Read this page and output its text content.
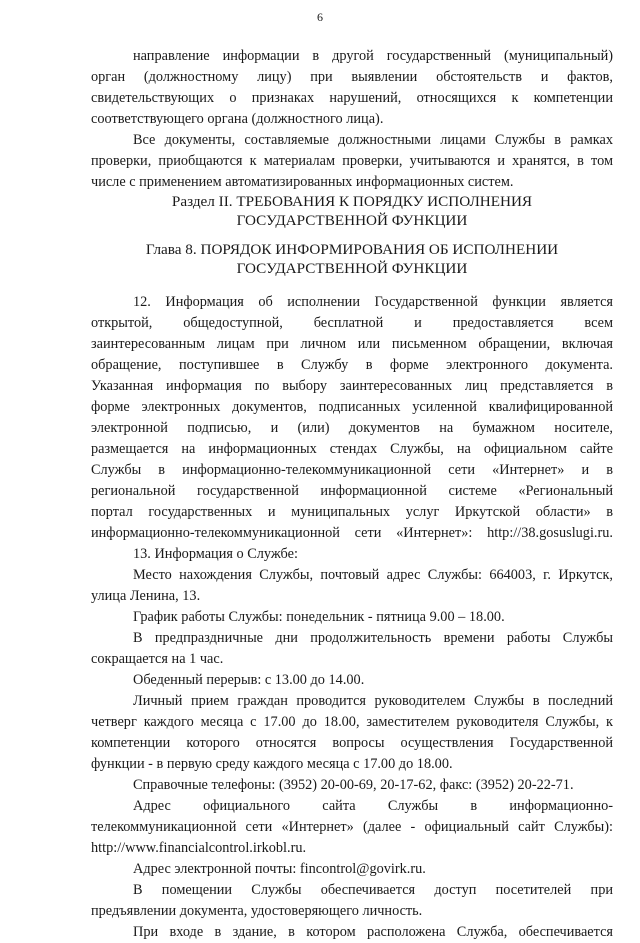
6

направление информации в другой государственный (муниципальный)

орган (должностному лицу) при выявлении обстоятельств и фактов,

свидетельствующих о признаках нарушений, относящихся к компетенции

соответствующего органа (должностного лица).

Все документы, составляемые должностными лицами Службы в рамках

проверки, приобщаются к материалам проверки, учитываются и хранятся, в том

числе с применением автоматизированных информационных систем.

Раздел II. ТРЕБОВАНИЯ К ПОРЯДКУ ИСПОЛНЕНИЯ
ГОСУДАРСТВЕННОЙ ФУНКЦИИ
Глава 8. ПОРЯДОК ИНФОРМИРОВАНИЯ ОБ ИСПОЛНЕНИИ
ГОСУДАРСТВЕННОЙ ФУНКЦИИ

12. Информация об исполнении Государственной функции является

открытой, общедоступной, бесплатной и предоставляется всем

заинтересованным лицам при личном или письменном обращении, включая

обращение, поступившее в Службу в форме электронного документа.

Указанная информация по выбору заинтересованных лиц представляется в

форме электронных документов, подписанных усиленной квалифицированной

электронной подписью, и (или) документов на бумажном носителе,

размещается на информационных стендах Службы, на официальном сайте

Службы в информационно-телекоммуникационной сети «Интернет» и в

региональной государственной информационной системе «Региональный

портал государственных и муниципальных услуг Иркутской области» в

информационно-телекоммуникационной сети «Интернет»: http://38.gosuslugi.ru.

13. Информация о Службе:

Место нахождения Службы, почтовый адрес Службы: 664003, г. Иркутск,

улица Ленина, 13.

График работы Службы: понедельник - пятница 9.00 – 18.00.

В предпраздничные дни продолжительность времени работы Службы

сокращается на 1 час.

Обеденный перерыв: с 13.00 до 14.00.

Личный прием граждан проводится руководителем Службы в последний

четверг каждого месяца с 17.00 до 18.00, заместителем руководителя Службы, к

компетенции которого относятся вопросы осуществления Государственной

функции - в первую среду каждого месяца с 17.00 до 18.00.

Справочные телефоны: (3952) 20-00-69, 20-17-62, факс: (3952) 20-22-71.

Адрес официального сайта Службы в информационно-

телекоммуникационной сети «Интернет» (далее - официальный сайт Службы):

http://www.financialcontrol.irkobl.ru.

Адрес электронной почты: fincontrol@govirk.ru.

В помещении Службы обеспечивается доступ посетителей при

предъявлении документа, удостоверяющего личность.

При входе в здание, в котором расположена Служба, обеспечивается
